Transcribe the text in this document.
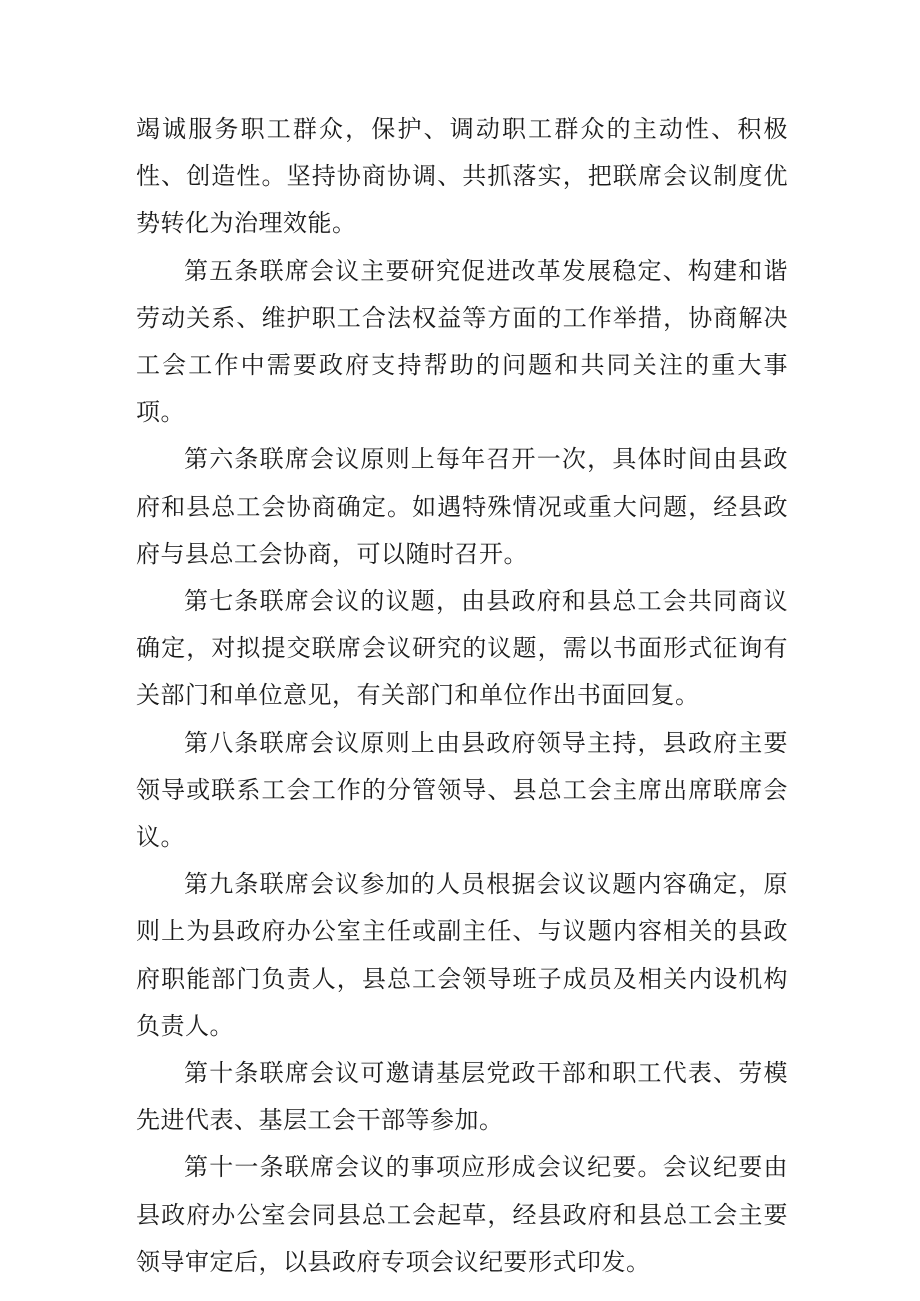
竭诚服务职工群众，保护、调动职工群众的主动性、积极性、创造性。坚持协商协调、共抓落实，把联席会议制度优势转化为治理效能。

第五条联席会议主要研究促进改革发展稳定、构建和谐劳动关系、维护职工合法权益等方面的工作举措，协商解决工会工作中需要政府支持帮助的问题和共同关注的重大事项。

第六条联席会议原则上每年召开一次，具体时间由县政府和县总工会协商确定。如遇特殊情况或重大问题，经县政府与县总工会协商，可以随时召开。

第七条联席会议的议题，由县政府和县总工会共同商议确定，对拟提交联席会议研究的议题，需以书面形式征询有关部门和单位意见，有关部门和单位作出书面回复。

第八条联席会议原则上由县政府领导主持，县政府主要领导或联系工会工作的分管领导、县总工会主席出席联席会议。

第九条联席会议参加的人员根据会议议题内容确定，原则上为县政府办公室主任或副主任、与议题内容相关的县政府职能部门负责人，县总工会领导班子成员及相关内设机构负责人。

第十条联席会议可邀请基层党政干部和职工代表、劳模先进代表、基层工会干部等参加。

第十一条联席会议的事项应形成会议纪要。会议纪要由县政府办公室会同县总工会起草，经县政府和县总工会主要领导审定后，以县政府专项会议纪要形式印发。
